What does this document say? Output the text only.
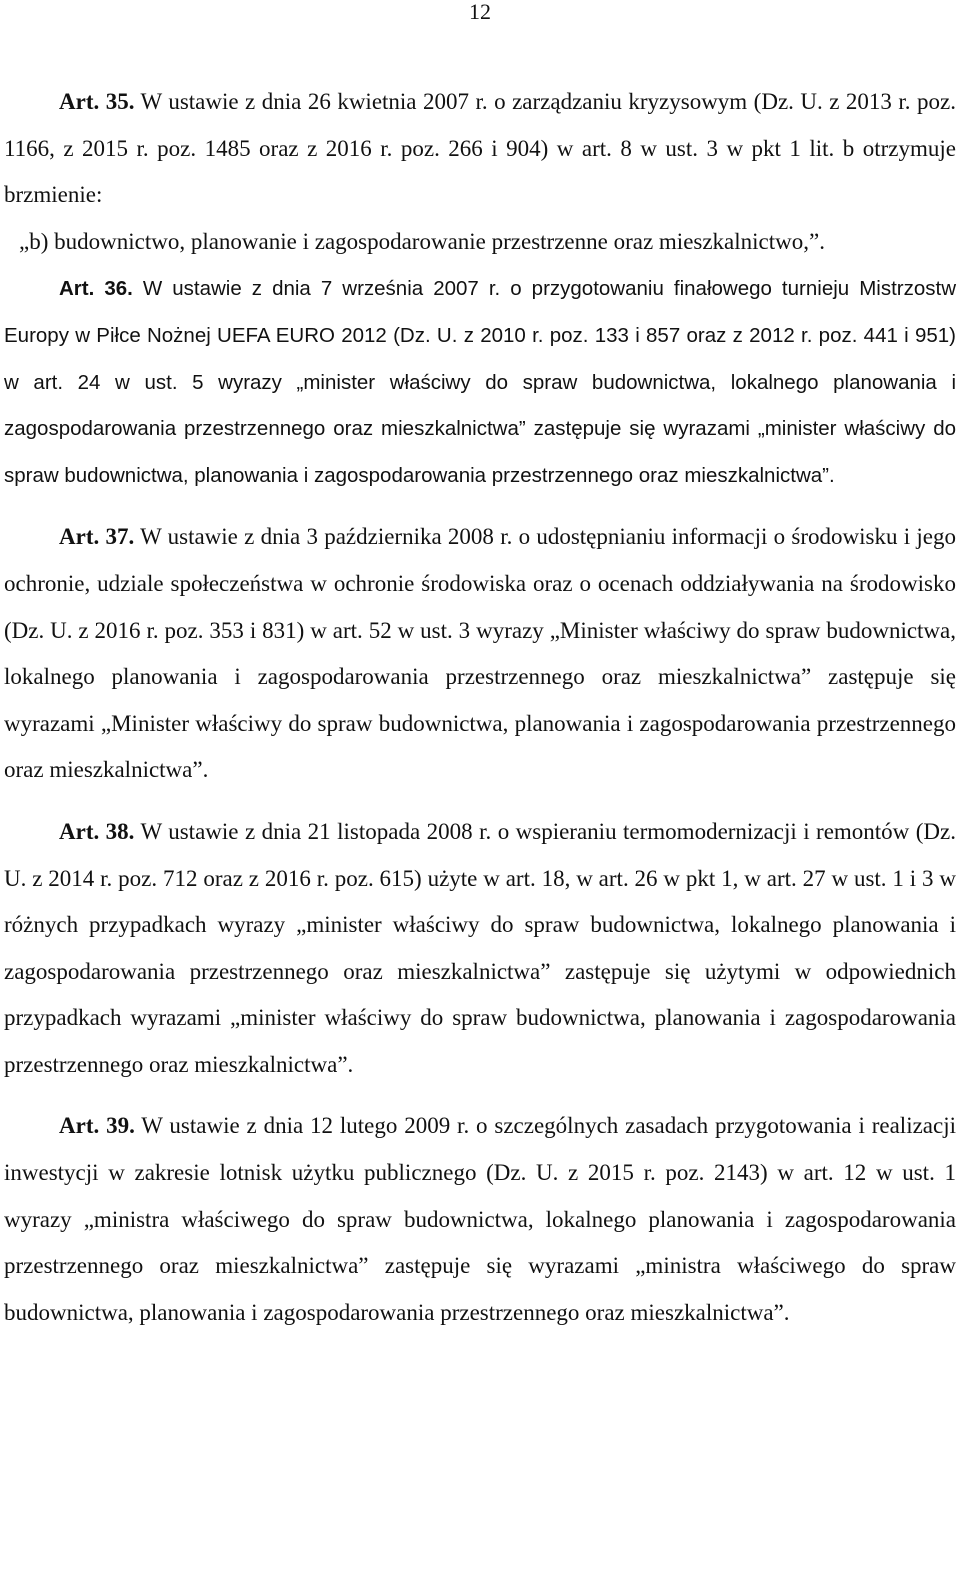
12

Art. 35. W ustawie z dnia 26 kwietnia 2007 r. o zarządzaniu kryzysowym (Dz. U. z 2013 r. poz. 1166, z 2015 r. poz. 1485 oraz z 2016 r. poz. 266 i 904) w art. 8 w ust. 3 w pkt 1 lit. b otrzymuje brzmienie:

„b) budownictwo, planowanie i zagospodarowanie przestrzenne oraz mieszkalnictwo,”.

Art. 36. W ustawie z dnia 7 września 2007 r. o przygotowaniu finałowego turnieju Mistrzostw Europy w Piłce Nożnej UEFA EURO 2012 (Dz. U. z 2010 r. poz. 133 i 857 oraz z 2012 r. poz. 441 i 951) w art. 24 w ust. 5 wyrazy „minister właściwy do spraw budownictwa, lokalnego planowania i zagospodarowania przestrzennego oraz mieszkalnictwa” zastępuje się wyrazami „minister właściwy do spraw budownictwa, planowania i zagospodarowania przestrzennego oraz mieszkalnictwa”.

Art. 37. W ustawie z dnia 3 października 2008 r. o udostępnianiu informacji o środowisku i jego ochronie, udziale społeczeństwa w ochronie środowiska oraz o ocenach oddziaływania na środowisko (Dz. U. z 2016 r. poz. 353 i 831) w art. 52 w ust. 3 wyrazy „Minister właściwy do spraw budownictwa, lokalnego planowania i zagospodarowania przestrzennego oraz mieszkalnictwa” zastępuje się wyrazami „Minister właściwy do spraw budownictwa, planowania i zagospodarowania przestrzennego oraz mieszkalnictwa”.

Art. 38. W ustawie z dnia 21 listopada 2008 r. o wspieraniu termomodernizacji i remontów (Dz. U. z 2014 r. poz. 712 oraz z 2016 r. poz. 615) użyte w art. 18, w art. 26 w pkt 1, w art. 27 w ust. 1 i 3 w różnych przypadkach wyrazy „minister właściwy do spraw budownictwa, lokalnego planowania i zagospodarowania przestrzennego oraz mieszkalnictwa” zastępuje się użytymi w odpowiednich przypadkach wyrazami „minister właściwy do spraw budownictwa, planowania i zagospodarowania przestrzennego oraz mieszkalnictwa”.

Art. 39. W ustawie z dnia 12 lutego 2009 r. o szczególnych zasadach przygotowania i realizacji inwestycji w zakresie lotnisk użytku publicznego (Dz. U. z 2015 r. poz. 2143) w art. 12 w ust. 1 wyrazy „ministra właściwego do spraw budownictwa, lokalnego planowania i zagospodarowania przestrzennego oraz mieszkalnictwa” zastępuje się wyrazami „ministra właściwego do spraw budownictwa, planowania i zagospodarowania przestrzennego oraz mieszkalnictwa”.
